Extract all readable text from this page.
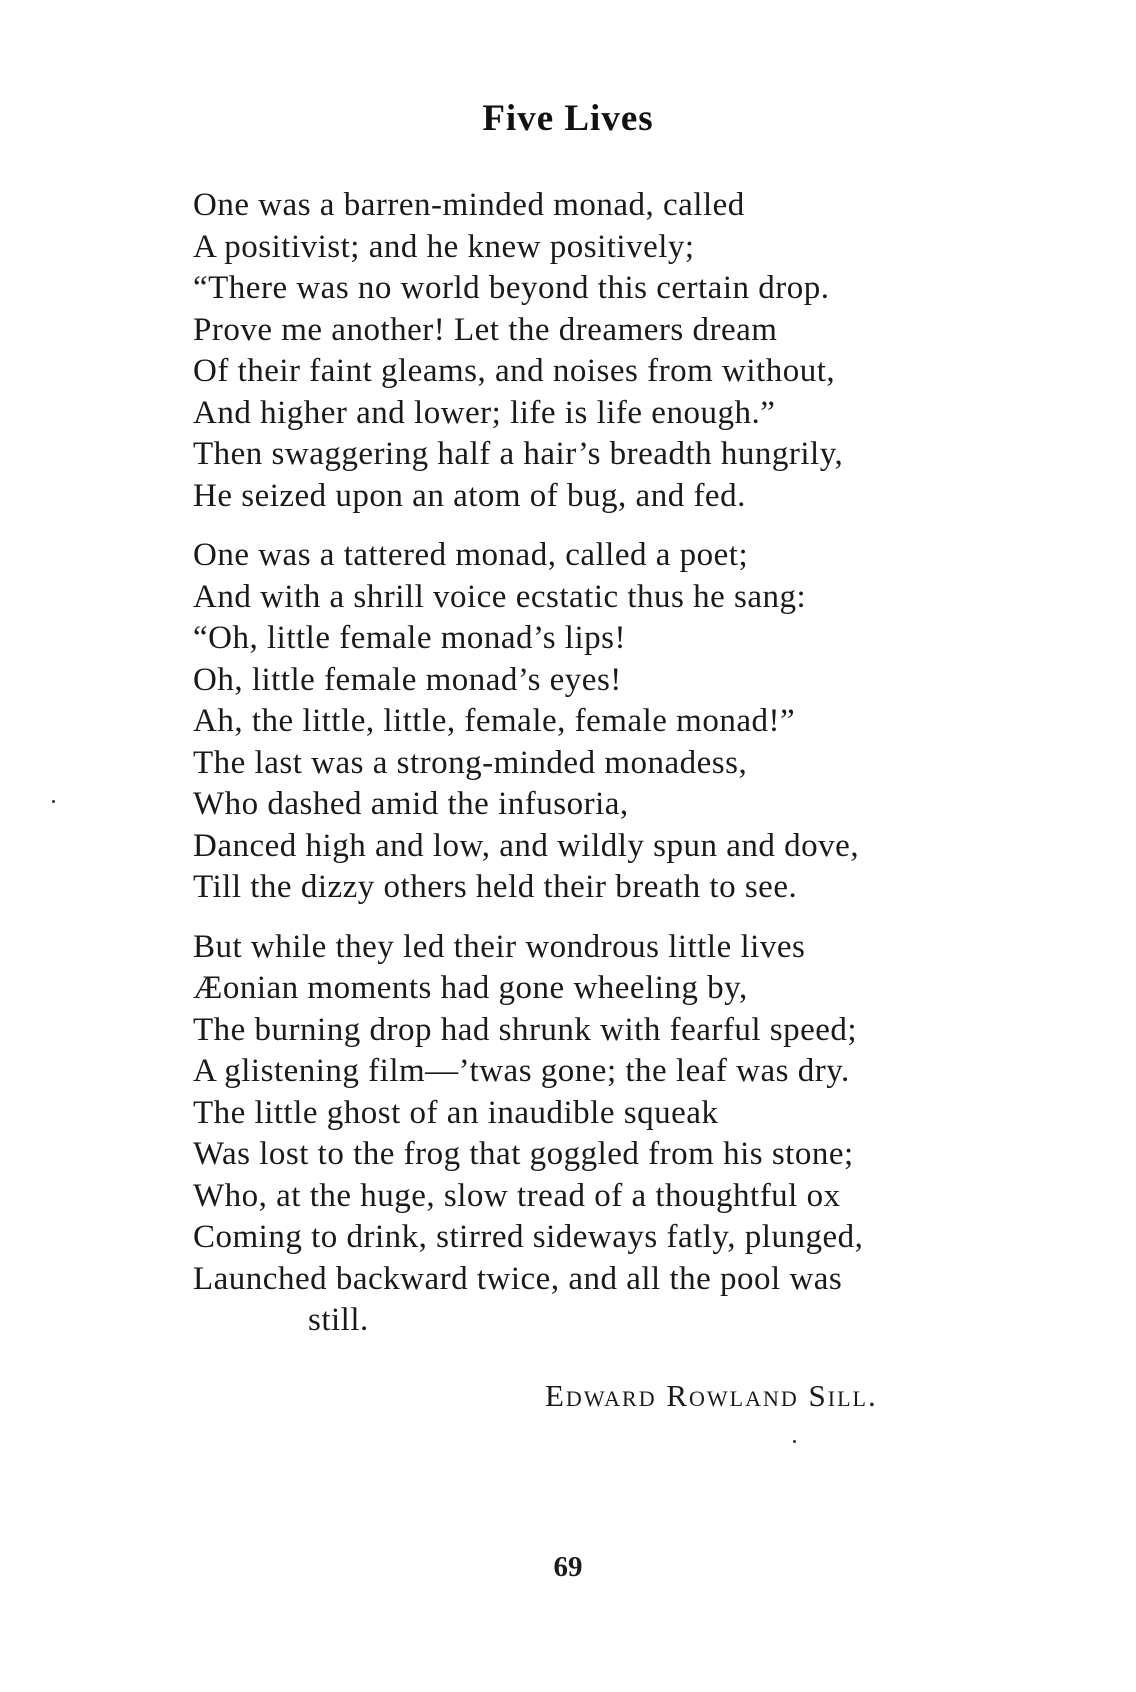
Five Lives
One was a barren-minded monad, called
A positivist; and he knew positively;
“There was no world beyond this certain drop.
Prove me another! Let the dreamers dream
Of their faint gleams, and noises from without,
And higher and lower; life is life enough.”
Then swaggering half a hair’s breadth hungrily,
He seized upon an atom of bug, and fed.
One was a tattered monad, called a poet;
And with a shrill voice ecstatic thus he sang:
“Oh, little female monad’s lips!
Oh, little female monad’s eyes!
Ah, the little, little, female, female monad!”
The last was a strong-minded monadess,
Who dashed amid the infusoria,
Danced high and low, and wildly spun and dove,
Till the dizzy others held their breath to see.
But while they led their wondrous little lives
Æonian moments had gone wheeling by,
The burning drop had shrunk with fearful speed;
A glistening film—’twas gone; the leaf was dry.
The little ghost of an inaudible squeak
Was lost to the frog that goggled from his stone;
Who, at the huge, slow tread of a thoughtful ox
Coming to drink, stirred sideways fatly, plunged,
Launched backward twice, and all the pool was
still.
Edward Rowland Sill.
69
